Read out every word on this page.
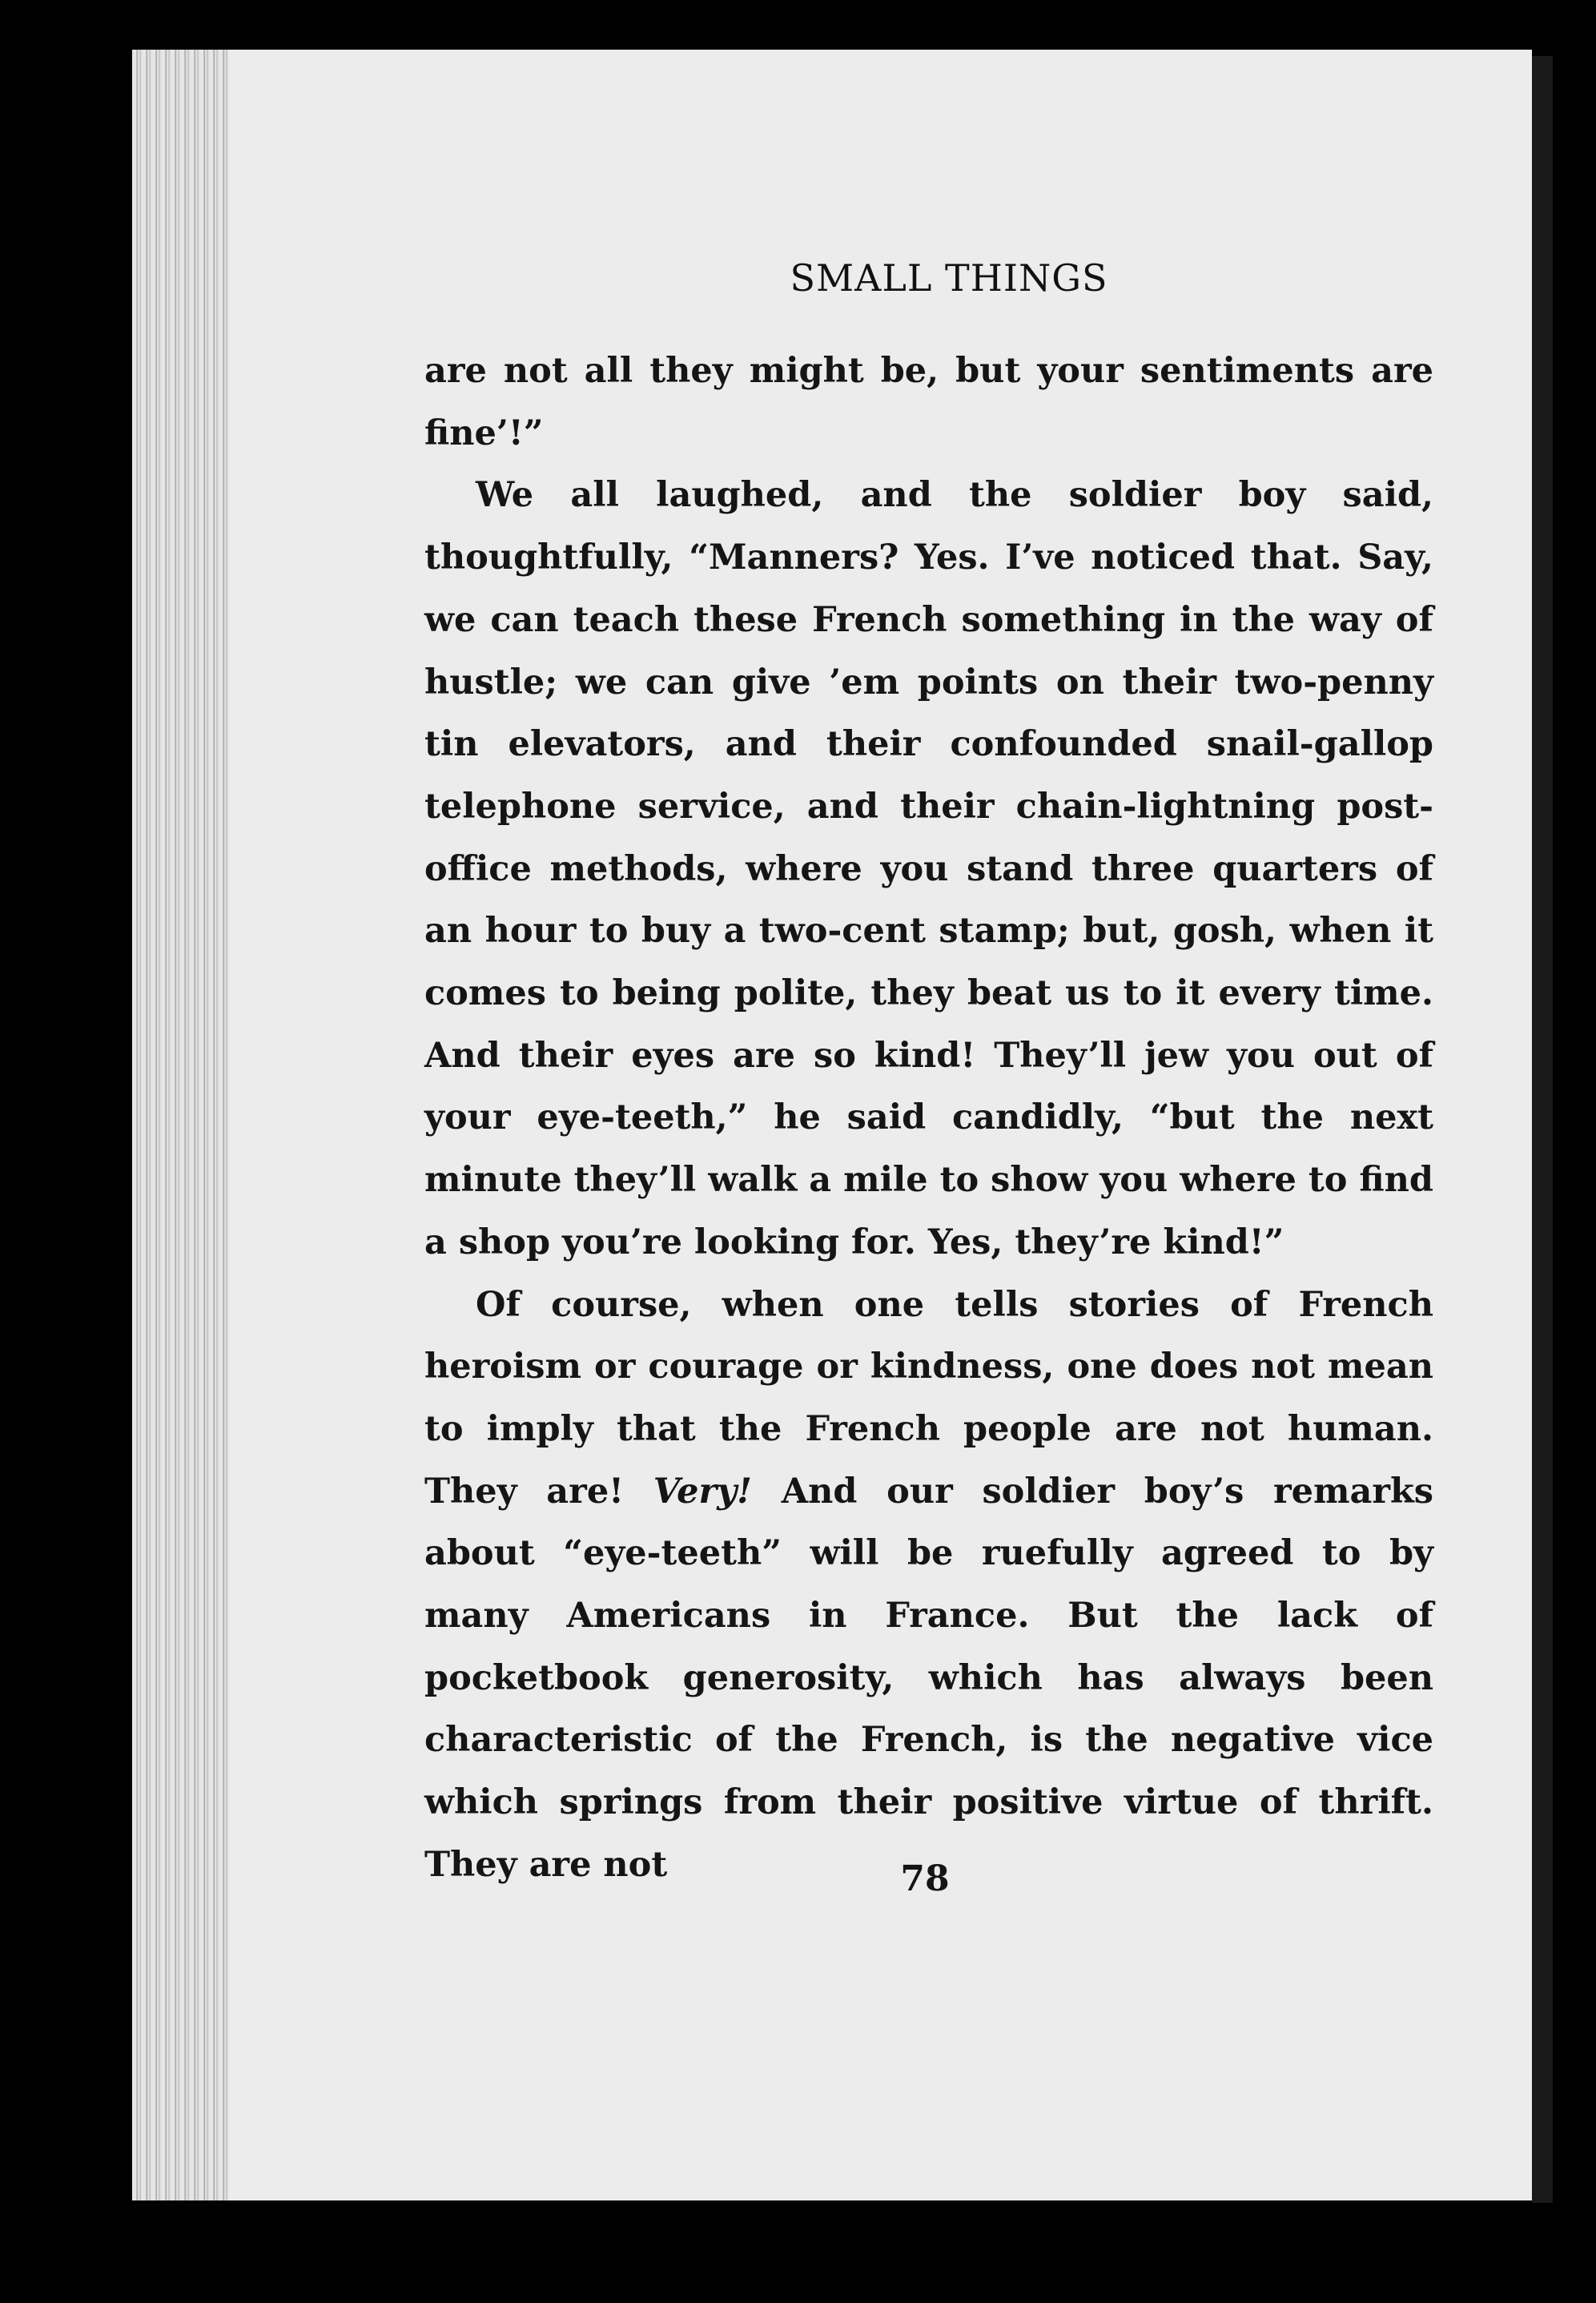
SMALL THINGS

are not all they might be, but your sentiments are fine’!”

We all laughed, and the soldier boy said, thoughtfully, “Manners? Yes. I’ve noticed that. Say, we can teach these French something in the way of hustle; we can give ’em points on their two-penny tin elevators, and their confounded snail-gallop telephone service, and their chain-lightning post-office methods, where you stand three quarters of an hour to buy a two-cent stamp; but, gosh, when it comes to being polite, they beat us to it every time. And their eyes are so kind! They’ll jew you out of your eye-teeth,” he said candidly, “but the next minute they’ll walk a mile to show you where to find a shop you’re looking for. Yes, they’re kind!”

Of course, when one tells stories of French heroism or courage or kindness, one does not mean to imply that the French people are not human. They are! Very! And our soldier boy’s remarks about “eye-teeth” will be ruefully agreed to by many Americans in France. But the lack of pocketbook generosity, which has always been characteristic of the French, is the negative vice which springs from their positive virtue of thrift. They are not	78
